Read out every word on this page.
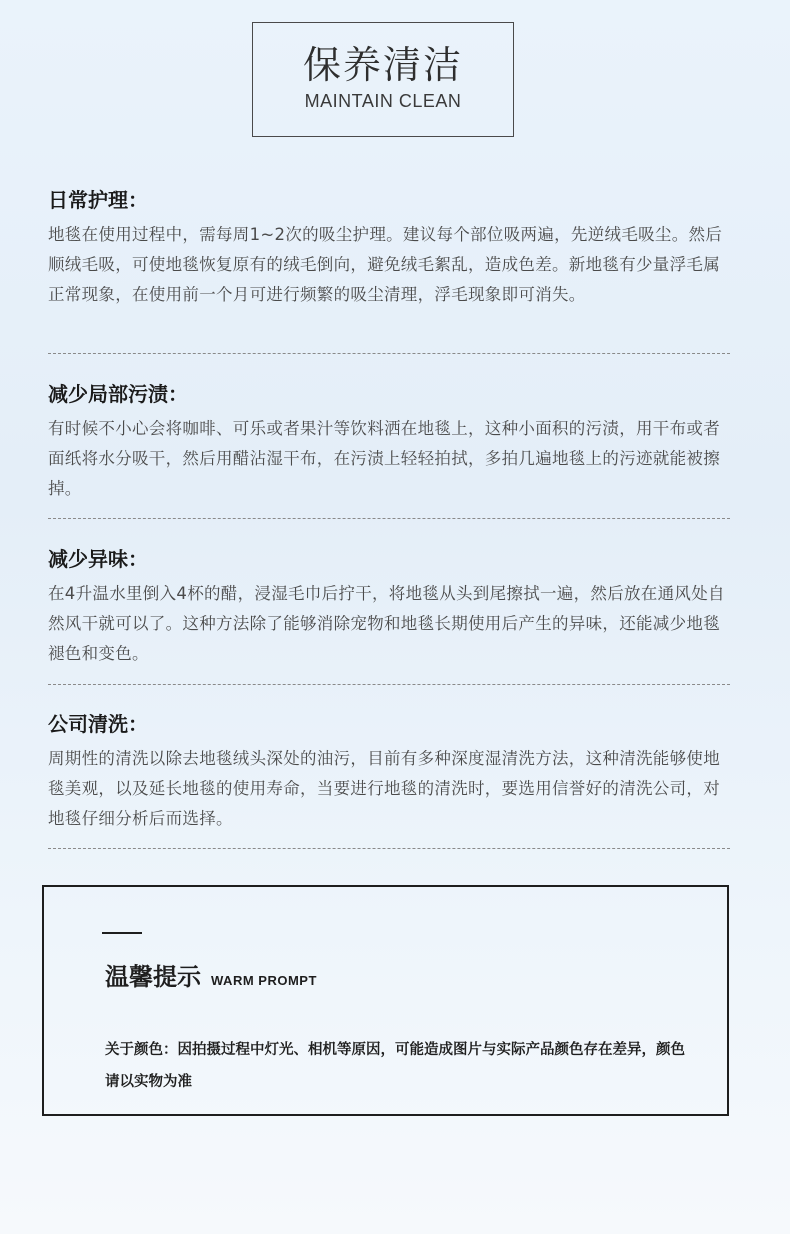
保养清洁
MAINTAIN CLEAN
日常护理：

地毯在使用过程中，需每周1~2次的吸尘护理。建议每个部位吸两遍，先逆绒毛吸尘。然后顺绒毛吸，可使地毯恢复原有的绒毛倒向，避免绒毛絮乱，造成色差。新地毯有少量浮毛属正常现象，在使用前一个月可进行频繁的吸尘清理，浮毛现象即可消失。

减少局部污渍：

有时候不小心会将咖啡、可乐或者果汁等饮料洒在地毯上，这种小面积的污渍，用干布或者面纸将水分吸干，然后用醋沾湿干布，在污渍上轻轻拍拭，多拍几遍地毯上的污迹就能被擦掉。

减少异味：

在4升温水里倒入4杯的醋，浸湿毛巾后拧干，将地毯从头到尾擦拭一遍，然后放在通风处自然风干就可以了。这种方法除了能够消除宠物和地毯长期使用后产生的异味，还能减少地毯褪色和变色。

公司清洗：

周期性的清洗以除去地毯绒头深处的油污，目前有多种深度湿清洗方法，这种清洗能够使地毯美观，以及延长地毯的使用寿命，当要进行地毯的清洗时，要选用信誉好的清洗公司，对地毯仔细分析后而选择。

温馨提示 WARM PROMPT

关于颜色：因拍摄过程中灯光、相机等原因，可能造成图片与实际产品颜色存在差异，颜色请以实物为准
